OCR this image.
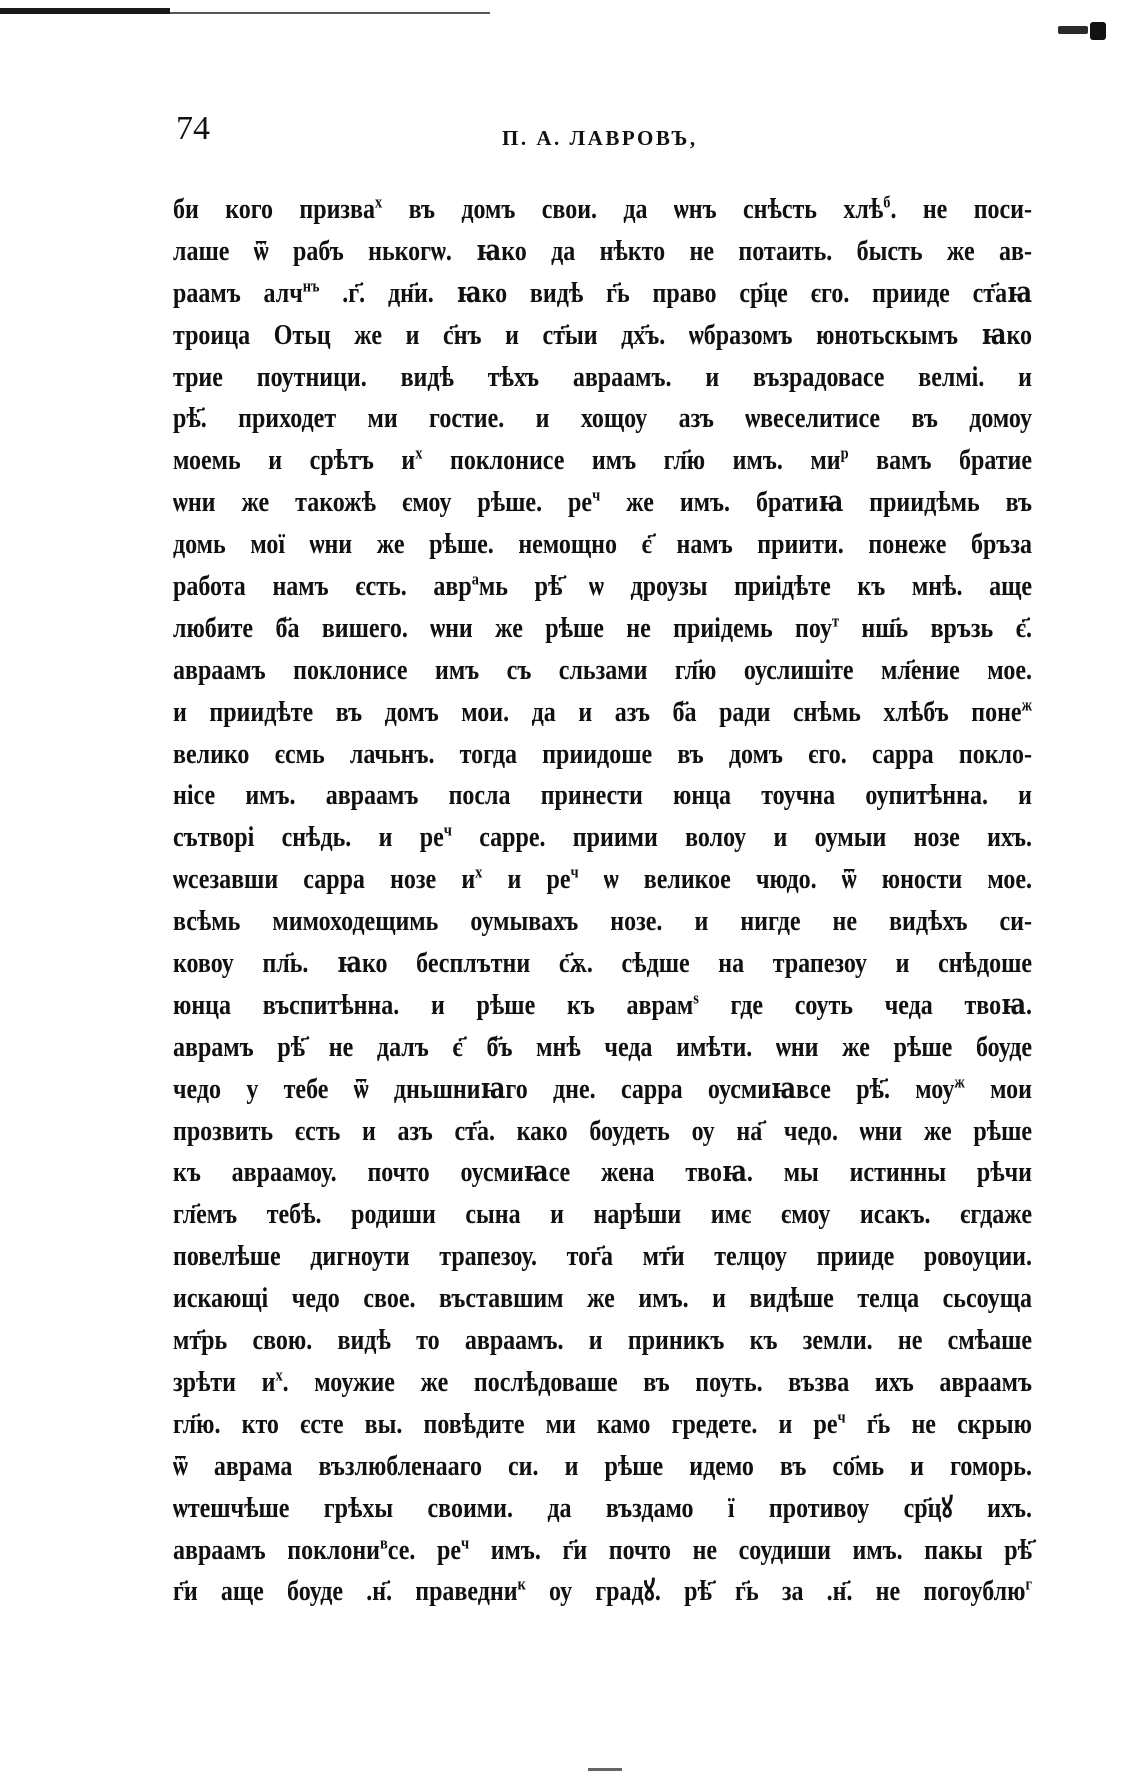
74	П. А. ЛАВРОВЪ,
би кого призва$^х$ въ домъ свои. да ѡнъ снѣсть хлѣ$^б$. не поси-
лаше ѿ рабъ нькогѡ. ꙗко да нѣкто не потаить. бысть же ав-
раамъ алч$^{нъ}$ .г҃. дн҃и. ꙗко видѣ г҃ь право ср҃це єго. прииде ст҃аꙗ
троица Отьц же и с҃нъ и ст҃ыи дх҃ъ. ѡбразомъ юнотьскымъ ꙗко
трие поутници. видѣ тѣхъ авраамъ. и възрадовасе велмі. и
рѣ҃. приходет ми гостие. и хощоу азъ ѡвеселитисе въ домоу
моемь и срѣтъ $и^х$ поклонисе имъ гл҃ю имъ. $ми^р$ вамъ братие
ѡни же такожѣ ємоу рѣше. $ре^ч$ же имъ. братиꙗ приидѣмь въ
домь мої ѡни же рѣше. немощно є҃ намъ приити. понеже бръза
работа намъ єсть. авр$^а$мь рѣ҃ ѡ дроузы приідѣте къ мнѣ. аще
любите б҃а вишего. ѡни же рѣше не приідемь поу$^т$ нш҃ь връзь є҃.
авраамъ поклонисе имъ съ сльзами гл҃ю оуслишіте мл҃ение мое.
и приидѣте въ домъ мои. да и азъ б҃а ради снѣмь хлѣбъ поне$^ж$
велико єсмь лачьнъ. тогда приидоше въ домъ єго. сарра покло-
нісе имъ. авраамъ посла принести юнца тоучна оупитѣнна. и
сътворі снѣдь. и $ре^ч$ сарре. приими волоу и оумыи нозе ихъ.
ѡсезавши сарра нозе $и^х$ и $ре^ч$ ѡ великое чюдо. ѿ юности мое.
всѣмь мимоходещимь оумывахъ нозе. и нигде не видѣхъ си-
ковоу пл҃ь. ꙗко бесплътни с҃ѫ. сѣдше на трапезоу и снѣдоше
юнца въспитѣнна. и рѣше къ аврам$^ѕ$ где соуть чеда твоꙗ.
аврамъ рѣ҃ не далъ є҃ б҃ъ мнѣ чеда имѣти. ѡни же рѣше боуде
чедо у тебе ѿ дньшниꙗго дне. сарра оусмиꙗвсе рѣ҃. моу$^ж$ мои
прозвить єсть и азъ ст҃а. како боудеть оу на҃ чедо. ѡни же рѣше
къ авраамоу. почто оусмиꙗсе жена твоꙗ. мы истинны рѣчи
гл҃емъ тебѣ. родиши сына и нарѣши имє ємоу исакъ. єгдаже
повелѣше дигноути трапезоу. тог҃а мт҃и телцоу прииде ровоуции.
искающі чедо свое. въставшим же имъ. и видѣше телца сьсоуща
мт҃рь свою. видѣ то авраамъ. и приникъ къ земли. не смѣаше
зрѣти $и^х$. моужие же послѣдоваше въ поуть. възва ихъ авраамъ
гл҃ю. кто єсте вы. повѣдите ми камо гредете. и $ре^ч$ г҃ь не скрыю
ѿ аврама възлюбленааго си. и рѣше идемо въ со҃мь и гоморь.
ѡтешчѣше грѣхы своими. да въздамо ї противоу ср҃цꙋ ихъ.
авраамъ поклони$^в$се. $ре^ч$ имъ. г҃и почто не соудиши имъ. пакы рѣ҃
г҃и аще боуде .н҃. праведни$^к$ оу градꙋ. рѣ҃ г҃ь за .н҃. не погоублю$^г$
